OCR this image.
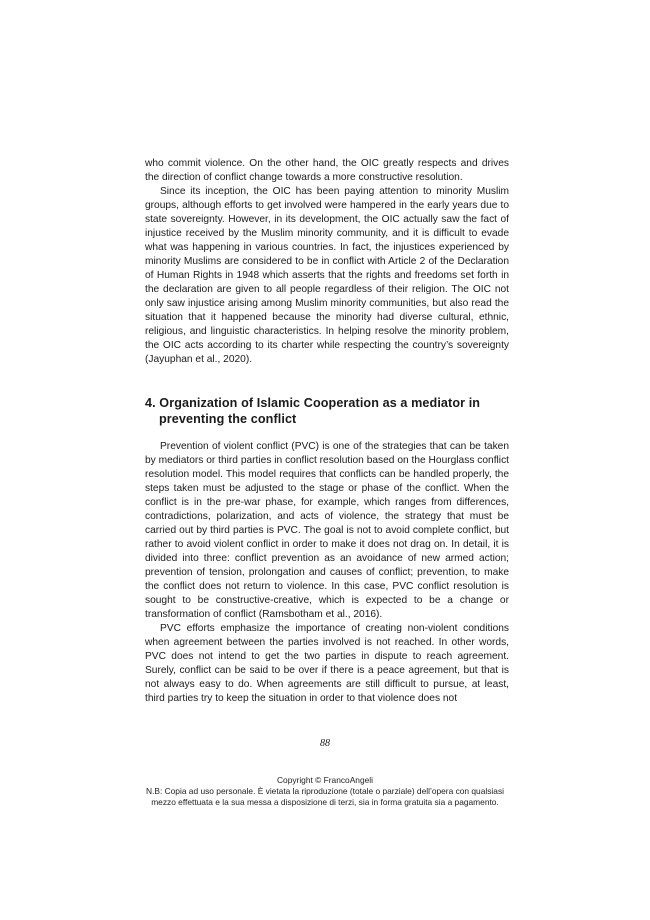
who commit violence. On the other hand, the OIC greatly respects and drives the direction of conflict change towards a more constructive resolution.

Since its inception, the OIC has been paying attention to minority Muslim groups, although efforts to get involved were hampered in the early years due to state sovereignty. However, in its development, the OIC actually saw the fact of injustice received by the Muslim minority community, and it is difficult to evade what was happening in various countries. In fact, the injustices experienced by minority Muslims are considered to be in conflict with Article 2 of the Declaration of Human Rights in 1948 which asserts that the rights and freedoms set forth in the declaration are given to all people regardless of their religion. The OIC not only saw injustice arising among Muslim minority communities, but also read the situation that it happened because the minority had diverse cultural, ethnic, religious, and linguistic characteristics. In helping resolve the minority problem, the OIC acts according to its charter while respecting the country’s sovereignty (Jayuphan et al., 2020).

4. Organization of Islamic Cooperation as a mediator in preventing the conflict

Prevention of violent conflict (PVC) is one of the strategies that can be taken by mediators or third parties in conflict resolution based on the Hourglass conflict resolution model. This model requires that conflicts can be handled properly, the steps taken must be adjusted to the stage or phase of the conflict. When the conflict is in the pre-war phase, for example, which ranges from differences, contradictions, polarization, and acts of violence, the strategy that must be carried out by third parties is PVC. The goal is not to avoid complete conflict, but rather to avoid violent conflict in order to make it does not drag on. In detail, it is divided into three: conflict prevention as an avoidance of new armed action; prevention of tension, prolongation and causes of conflict; prevention, to make the conflict does not return to violence. In this case, PVC conflict resolution is sought to be constructive-creative, which is expected to be a change or transformation of conflict (Ramsbotham et al., 2016).

PVC efforts emphasize the importance of creating non-violent conditions when agreement between the parties involved is not reached. In other words, PVC does not intend to get the two parties in dispute to reach agreement. Surely, conflict can be said to be over if there is a peace agreement, but that is not always easy to do. When agreements are still difficult to pursue, at least, third parties try to keep the situation in order to that violence does not

88
Copyright © FrancoAngeli
N.B: Copia ad uso personale. È vietata la riproduzione (totale o parziale) dell’opera con qualsiasi
mezzo effettuata e la sua messa a disposizione di terzi, sia in forma gratuita sia a pagamento.
